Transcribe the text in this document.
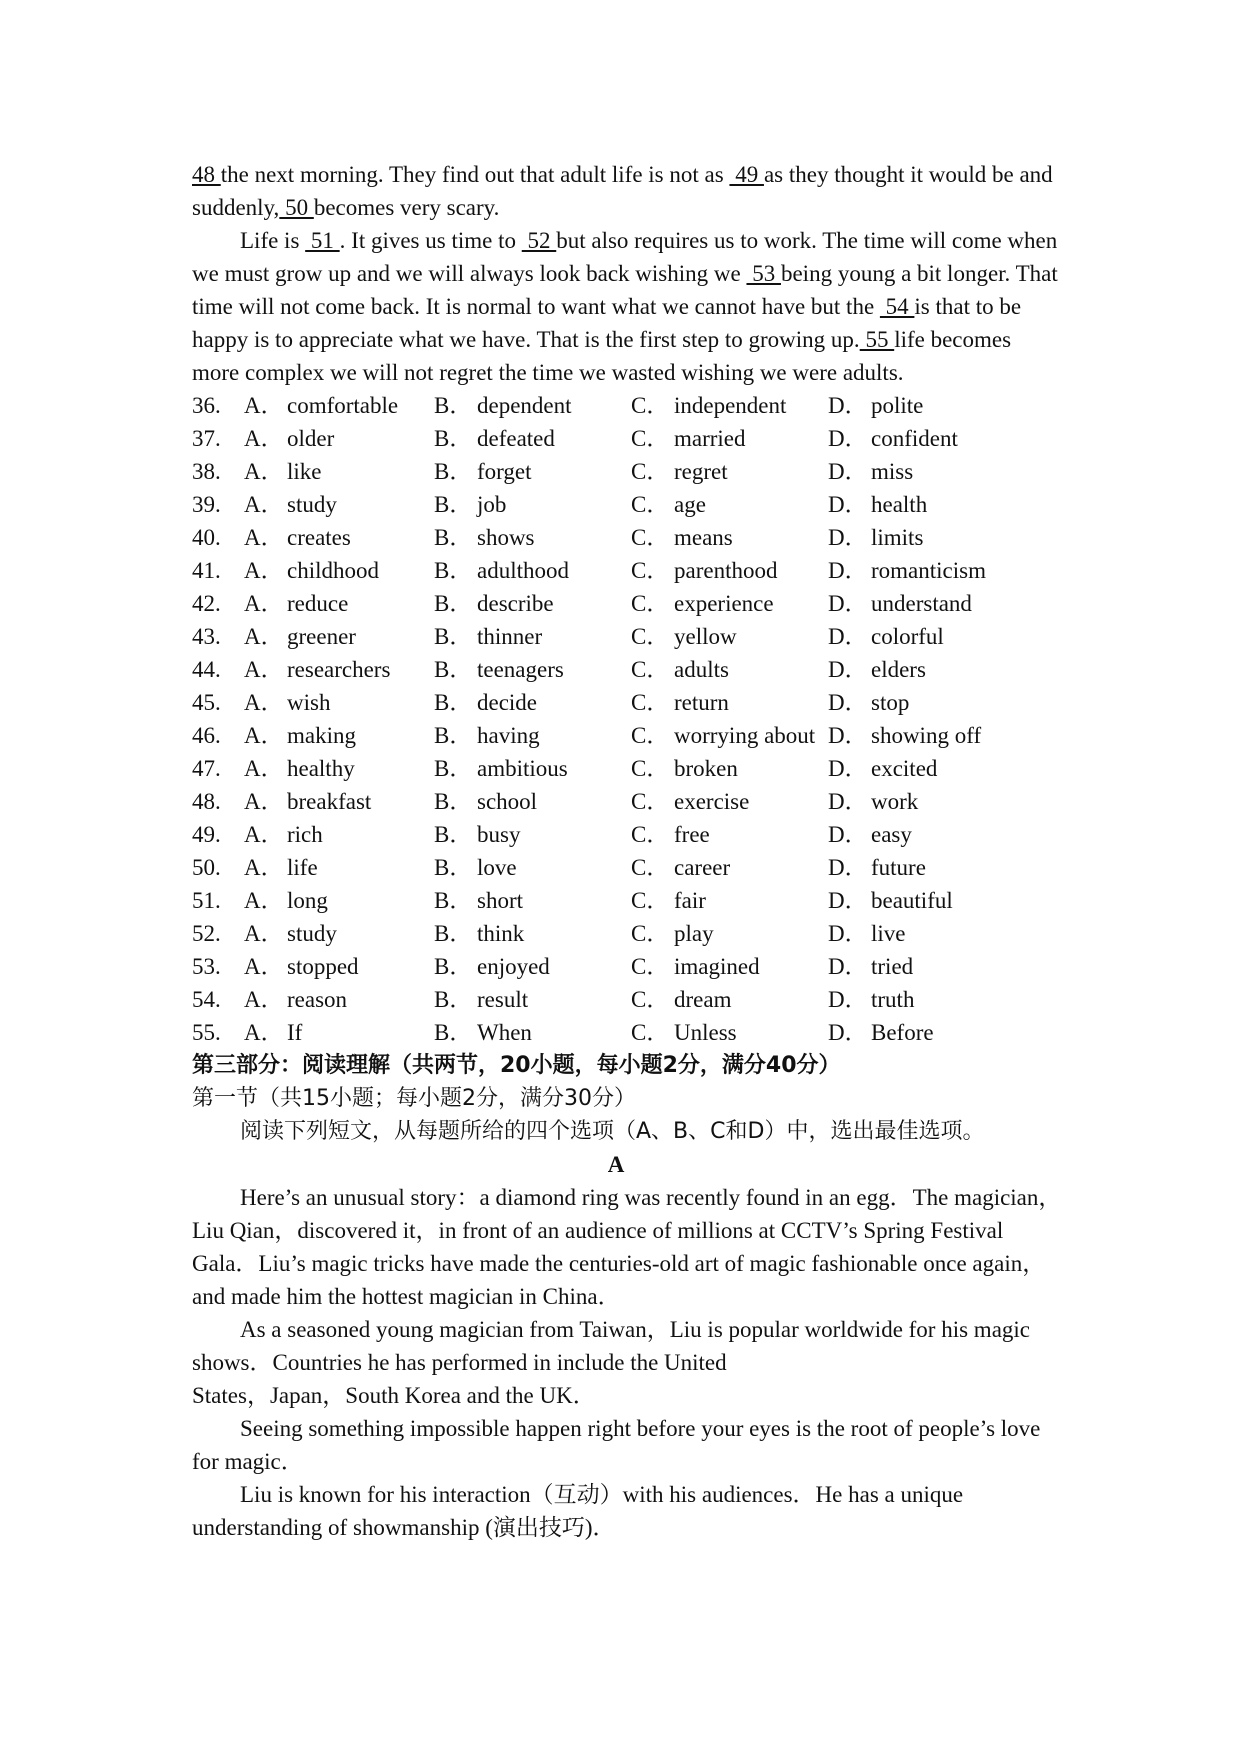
48 the next morning. They find out that adult life is not as  49 as they thought it would be and suddenly, 50 becomes very scary.

Life is  51 . It gives us time to  52 but also requires us to work. The time will come when we must grow up and we will always look back wishing we  53 being young a bit longer. That time will not come back. It is normal to want what we cannot have but the  54 is that to be happy is to appreciate what we have. That is the first step to growing up. 55 life becomes more complex we will not regret the time we wasted wishing we were adults.

36.	A． comfortable B． dependent	C． independent D． polite
37.	A． older	B． defeated	C． married	D． confident
38.	A． like	B． forget	C． regret	D． miss
39.	A． study	B． job	C． age	D． health
40.	A． creates	B． shows	C． means	D． limits
41.	A． childhood B． adulthood	C． parenthood D． romanticism
42.	A． reduce	B． describe	C． experience D． understand
43.	A． greener	B． thinner	C． yellow	D． colorful
44.	A． researchers B． teenagers	C． adults	D． elders
45.	A． wish	B． decide	C． return	D． stop
46.	A． making	B． having	C． worrying about D． showing off
47.	A． healthy	B． ambitious	C． broken	D． excited
48.	A． breakfast	B． school	C． exercise	D． work
49.	A． rich	B． busy	C． free	D． easy
50.	A． life	B． love	C． career	D． future
51.	A． long	B． short	C． fair	D． beautiful
52.	A． study	B． think	C． play	D． live
53.	A． stopped	B． enjoyed	C． imagined	D． tried
54.	A． reason	B． result	C． dream	D． truth
55.	A． If	B． When	C． Unless	D． Before
第三部分：阅读理解（共两节，20小题，每小题2分，满分40分）
第一节（共15小题；每小题2分，满分30分）

阅读下列短文，从每题所给的四个选项（A、B、C和D）中，选出最佳选项。

A

Here’s an unusual story：a diamond ring was recently found in an egg．The magician，Liu Qian，discovered it，in front of an audience of millions at CCTV’s Spring Festival Gala．Liu’s magic tricks have made the centuries-old art of magic fashionable once again，and made him the hottest magician in China．

As a seasoned young magician from Taiwan，Liu is popular worldwide for his magic shows．Countries he has performed in include the United
States，Japan，South Korea and the UK．

Seeing something impossible happen right before your eyes is the root of people’s love for magic．

Liu is known for his interaction（互动）with his audiences．He has a unique understanding of showmanship (演出技巧)．
